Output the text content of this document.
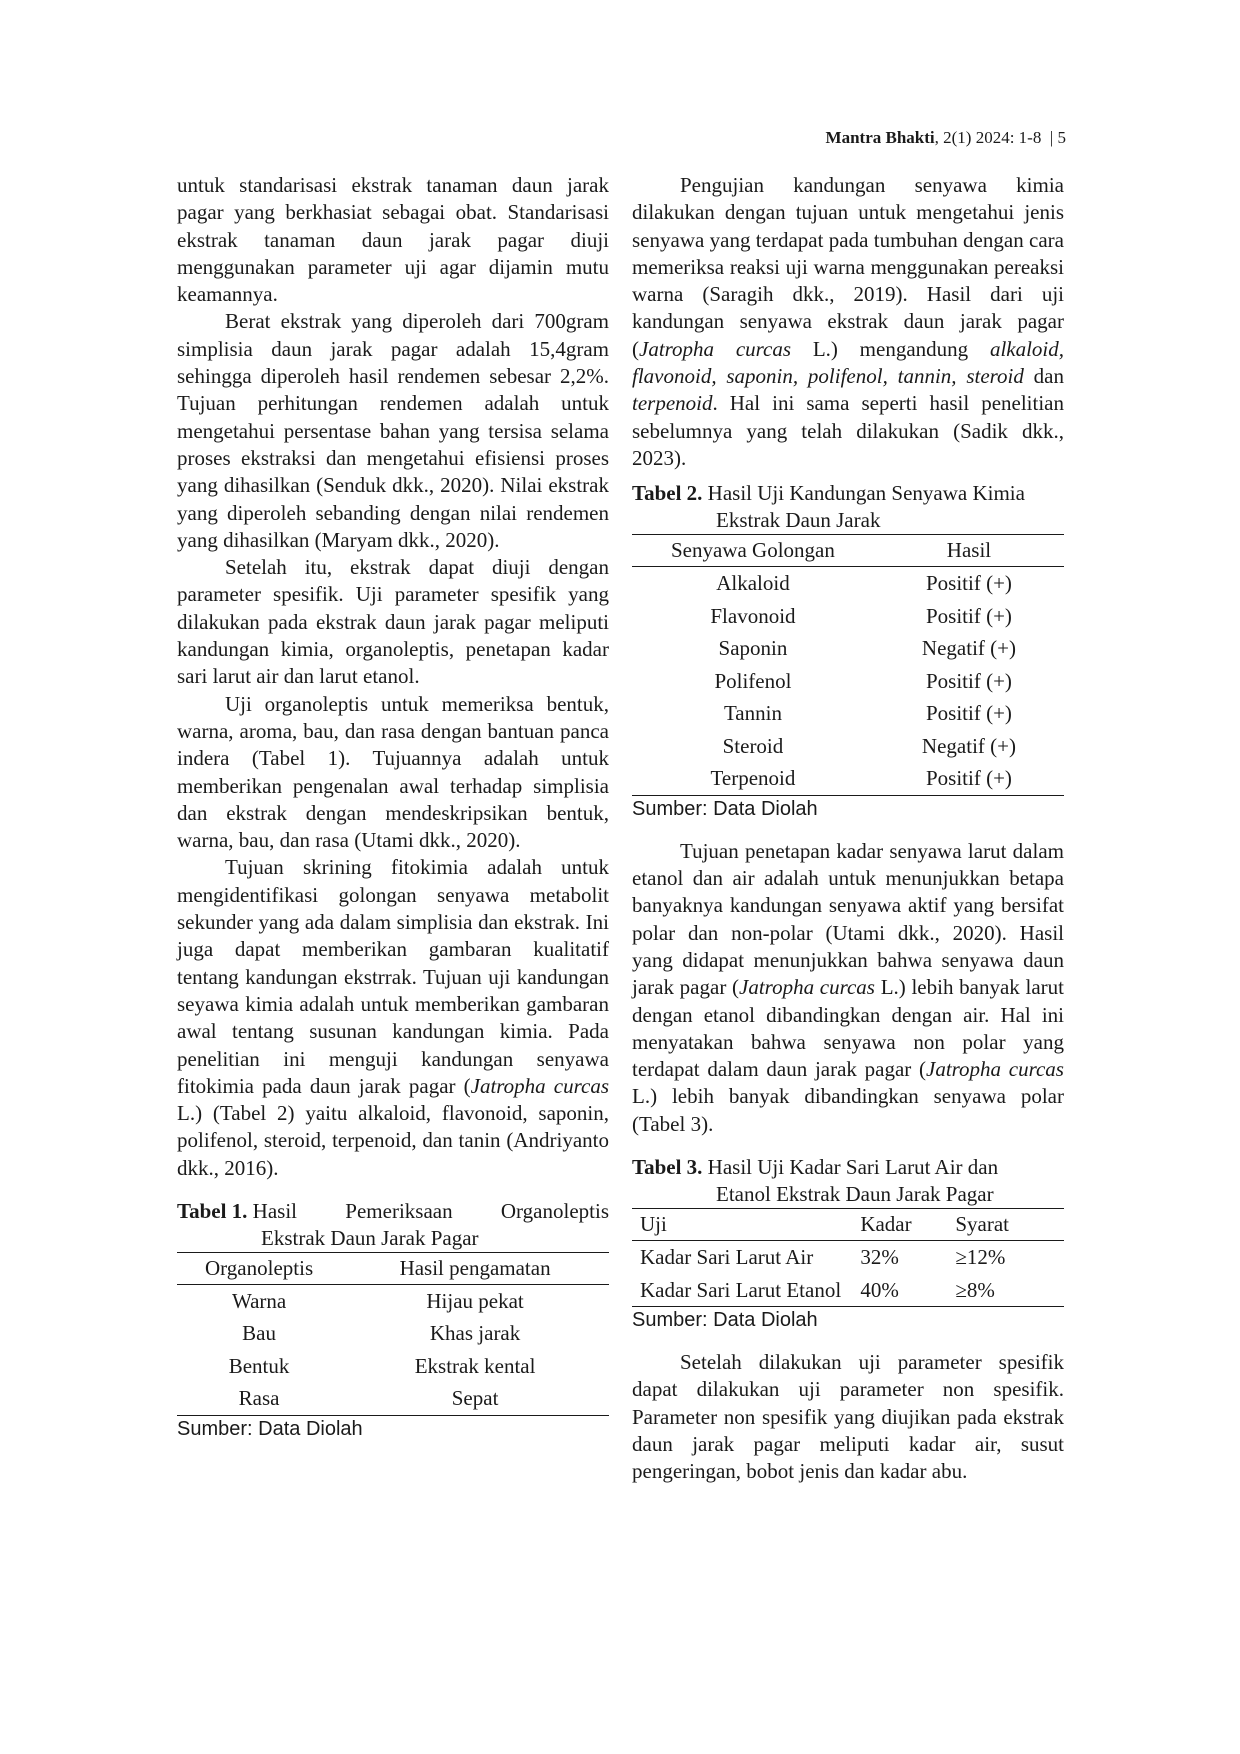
Mantra Bhakti, 2(1) 2024: 1-8 | 5

untuk standarisasi ekstrak tanaman daun jarak pagar yang berkhasiat sebagai obat. Standarisasi ekstrak tanaman daun jarak pagar diuji menggunakan parameter uji agar dijamin mutu keamannya.

Berat ekstrak yang diperoleh dari 700gram simplisia daun jarak pagar adalah 15,4gram sehingga diperoleh hasil rendemen sebesar 2,2%. Tujuan perhitungan rendemen adalah untuk mengetahui persentase bahan yang tersisa selama proses ekstraksi dan mengetahui efisiensi proses yang dihasilkan (Senduk dkk., 2020). Nilai ekstrak yang diperoleh sebanding dengan nilai rendemen yang dihasilkan (Maryam dkk., 2020).

Setelah itu, ekstrak dapat diuji dengan parameter spesifik. Uji parameter spesifik yang dilakukan pada ekstrak daun jarak pagar meliputi kandungan kimia, organoleptis, penetapan kadar sari larut air dan larut etanol.

Uji organoleptis untuk memeriksa bentuk, warna, aroma, bau, dan rasa dengan bantuan panca indera (Tabel 1). Tujuannya adalah untuk memberikan pengenalan awal terhadap simplisia dan ekstrak dengan mendeskripsikan bentuk, warna, bau, dan rasa (Utami dkk., 2020).

Tujuan skrining fitokimia adalah untuk mengidentifikasi golongan senyawa metabolit sekunder yang ada dalam simplisia dan ekstrak. Ini juga dapat memberikan gambaran kualitatif tentang kandungan ekstrrak. Tujuan uji kandungan seyawa kimia adalah untuk memberikan gambaran awal tentang susunan kandungan kimia. Pada penelitian ini menguji kandungan senyawa fitokimia pada daun jarak pagar (Jatropha curcas L.) (Tabel 2) yaitu alkaloid, flavonoid, saponin, polifenol, steroid, terpenoid, dan tanin (Andriyanto dkk., 2016).

Tabel 1. Hasil Pemeriksaan Organoleptis
Ekstrak Daun Jarak Pagar
Organoleptis	Hasil pengamatan
Warna	Hijau pekat
Bau	Khas jarak
Bentuk	Ekstrak kental
Rasa	Sepat
Sumber: Data Diolah

Pengujian kandungan senyawa kimia dilakukan dengan tujuan untuk mengetahui jenis senyawa yang terdapat pada tumbuhan dengan cara memeriksa reaksi uji warna menggunakan pereaksi warna (Saragih dkk., 2019). Hasil dari uji kandungan senyawa ekstrak daun jarak pagar (Jatropha curcas L.) mengandung alkaloid, flavonoid, saponin, polifenol, tannin, steroid dan terpenoid. Hal ini sama seperti hasil penelitian sebelumnya yang telah dilakukan (Sadik dkk., 2023).

Tabel 2. Hasil Uji Kandungan Senyawa Kimia
Ekstrak Daun Jarak
Senyawa Golongan	Hasil
Alkaloid	Positif (+)
Flavonoid	Positif (+)
Saponin	Negatif (+)
Polifenol	Positif (+)
Tannin	Positif (+)
Steroid	Negatif (+)
Terpenoid	Positif (+)
Sumber: Data Diolah

Tujuan penetapan kadar senyawa larut dalam etanol dan air adalah untuk menunjukkan betapa banyaknya kandungan senyawa aktif yang bersifat polar dan non-polar (Utami dkk., 2020). Hasil yang didapat menunjukkan bahwa senyawa daun jarak pagar (Jatropha curcas L.) lebih banyak larut dengan etanol dibandingkan dengan air. Hal ini menyatakan bahwa senyawa non polar yang terdapat dalam daun jarak pagar (Jatropha curcas L.) lebih banyak dibandingkan senyawa polar (Tabel 3).

Tabel 3. Hasil Uji Kadar Sari Larut Air dan
Etanol Ekstrak Daun Jarak Pagar
Uji	Kadar	Syarat
Kadar Sari Larut Air	32%	≥12%
Kadar Sari Larut Etanol	40%	≥8%
Sumber: Data Diolah

Setelah dilakukan uji parameter spesifik dapat dilakukan uji parameter non spesifik. Parameter non spesifik yang diujikan pada ekstrak daun jarak pagar meliputi kadar air, susut pengeringan, bobot jenis dan kadar abu.
